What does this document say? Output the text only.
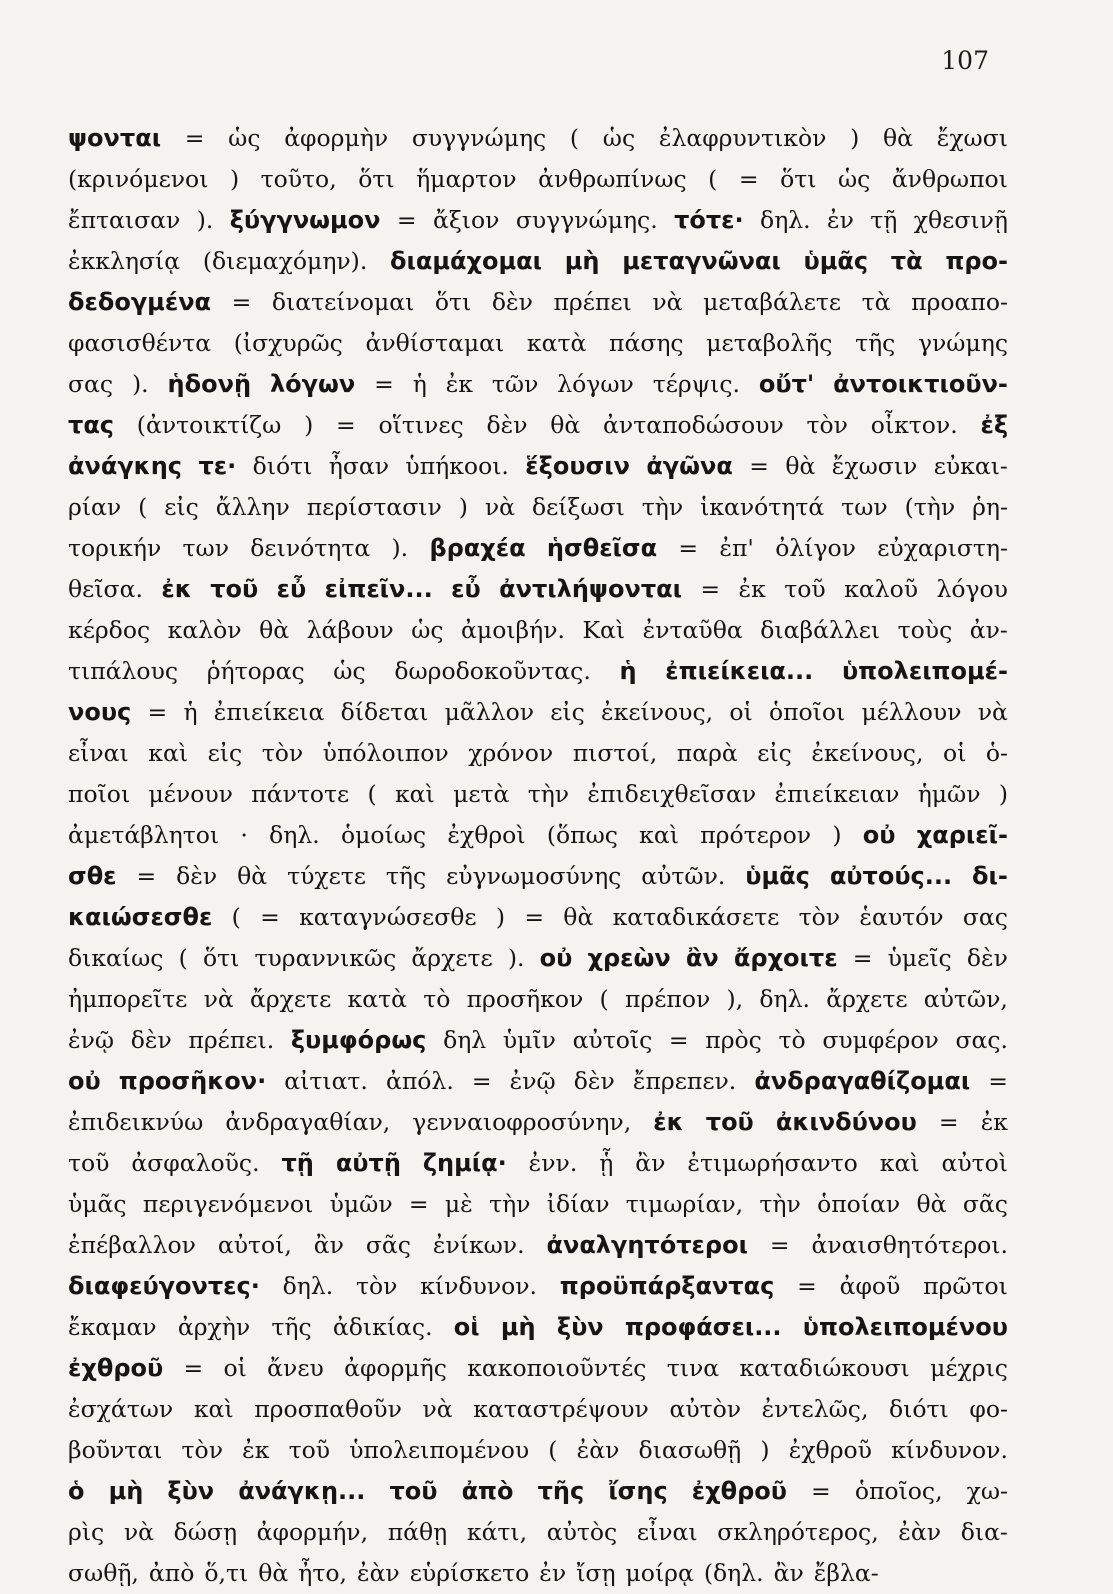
107
ψονται = ὡς ἀφορμὴν συγγνώμης ( ὡς ἐλαφρυντικὸν ) θὰ ἔχωσι
(κρινόμενοι ) τοῦτο, ὅτι ἥμαρτον ἀνθρωπίνως ( = ὅτι ὡς ἄνθρωποι
ἔπταισαν ). ξύγγνωμον = ἄξιον συγγνώμης. τότε· δηλ. ἐν τῇ χθεσινῇ
ἐκκλησίᾳ (διεμαχόμην). διαμάχομαι μὴ μεταγνῶναι ὑμᾶς τὰ προ-
δεδογμένα = διατείνομαι ὅτι δὲν πρέπει νὰ μεταβάλετε τὰ προαπο-
φασισθέντα (ἰσχυρῶς ἀνθίσταμαι κατὰ πάσης μεταβολῆς τῆς γνώμης
σας ). ἡδονῇ λόγων = ἡ ἐκ τῶν λόγων τέρψις. οὔτ' ἀντοικτιοῦν-
τας (ἀντοικτίζω ) = οἵτινες δὲν θὰ ἀνταποδώσουν τὸν οἶκτον. ἐξ
ἀνάγκης τε· διότι ἦσαν ὑπήκοοι. ἕξουσιν ἀγῶνα = θὰ ἔχωσιν εὐκαι-
ρίαν ( εἰς ἄλλην περίστασιν ) νὰ δείξωσι τὴν ἱκανότητά των (τὴν ῥη-
τορικήν των δεινότητα ). βραχέα ἡσθεῖσα = ἐπ' ὀλίγον εὐχαριστη-
θεῖσα. ἐκ τοῦ εὖ εἰπεῖν... εὖ ἀντιλήψονται = ἐκ τοῦ καλοῦ λόγου
κέρδος καλὸν θὰ λάβουν ὡς ἀμοιβήν. Καὶ ἐνταῦθα διαβάλλει τοὺς ἀν-
τιπάλους ῥήτορας ὡς δωροδοκοῦντας. ἡ ἐπιείκεια... ὑπολειπομέ-
νους = ἡ ἐπιείκεια δίδεται μᾶλλον εἰς ἐκείνους, οἱ ὁποῖοι μέλλουν νὰ
εἶναι καὶ εἰς τὸν ὑπόλοιπον χρόνον πιστοί, παρὰ εἰς ἐκείνους, οἱ ὁ-
ποῖοι μένουν πάντοτε ( καὶ μετὰ τὴν ἐπιδειχθεῖσαν ἐπιείκειαν ἡμῶν )
ἀμετάβλητοι · δηλ. ὁμοίως ἐχθροὶ (ὅπως καὶ πρότερον ) οὐ χαριεῖ-
σθε = δὲν θὰ τύχετε τῆς εὐγνωμοσύνης αὐτῶν. ὑμᾶς αὐτούς... δι-
καιώσεσθε ( = καταγνώσεσθε ) = θὰ καταδικάσετε τὸν ἑαυτόν σας
δικαίως ( ὅτι τυραννικῶς ἄρχετε ). οὐ χρεὼν ἂν ἄρχοιτε = ὑμεῖς δὲν
ἠμπορεῖτε νὰ ἄρχετε κατὰ τὸ προσῆκον ( πρέπον ), δηλ. ἄρχετε αὐτῶν,
ἐνῷ δὲν πρέπει. ξυμφόρως δηλ ὑμῖν αὐτοῖς = πρὸς τὸ συμφέρον σας.
οὐ προσῆκον· αἰτιατ. ἀπόλ. = ἐνῷ δὲν ἔπρεπεν. ἀνδραγαθίζομαι =
ἐπιδεικνύω ἀνδραγαθίαν, γενναιοφροσύνην, ἐκ τοῦ ἀκινδύνου = ἐκ
τοῦ ἀσφαλοῦς. τῇ αὐτῇ ζημίᾳ· ἐνν. ᾗ ἂν ἐτιμωρήσαντο καὶ αὐτοὶ
ὑμᾶς περιγενόμενοι ὑμῶν = μὲ τὴν ἰδίαν τιμωρίαν, τὴν ὁποίαν θὰ σᾶς
ἐπέβαλλον αὐτοί, ἂν σᾶς ἐνίκων. ἀναλγητότεροι = ἀναισθητότεροι.
διαφεύγοντες· δηλ. τὸν κίνδυνον. προϋπάρξαντας = ἀφοῦ πρῶτοι
ἔκαμαν ἀρχὴν τῆς ἀδικίας. οἱ μὴ ξὺν προφάσει... ὑπολειπομένου
ἐχθροῦ = οἱ ἄνευ ἀφορμῆς κακοποιοῦντές τινα καταδιώκουσι μέχρις
ἐσχάτων καὶ προσπαθοῦν νὰ καταστρέψουν αὐτὸν ἐντελῶς, διότι φο-
βοῦνται τὸν ἐκ τοῦ ὑπολειπομένου ( ἐὰν διασωθῇ ) ἐχθροῦ κίνδυνον.
ὁ μὴ ξὺν ἀνάγκῃ... τοῦ ἀπὸ τῆς ἴσης ἐχθροῦ = ὁποῖος, χω-
ρὶς νὰ δώσῃ ἀφορμήν, πάθῃ κάτι, αὐτὸς εἶναι σκληρότερος, ἐὰν δια-
σωθῇ, ἀπὸ ὅ,τι θὰ ἦτο, ἐὰν εὑρίσκετο ἐν ἴσῃ μοίρᾳ (δηλ. ἂν ἔβλα-
